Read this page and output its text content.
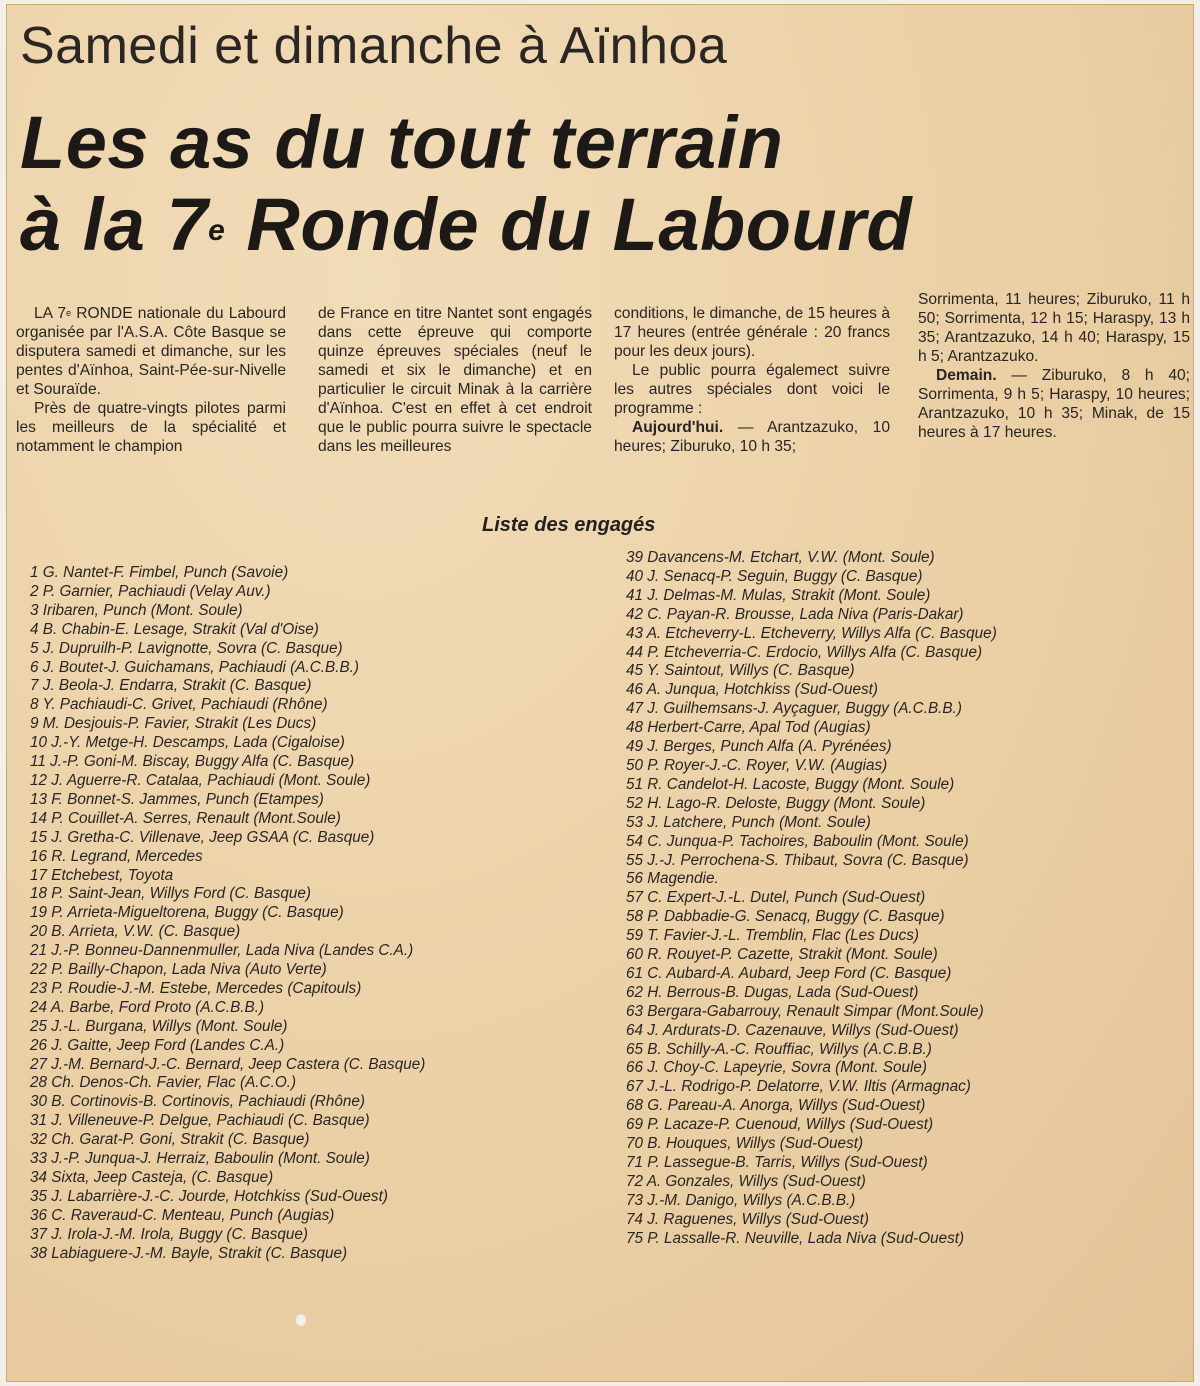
Samedi et dimanche à Aïnhoa
Les as du tout terrain
à la 7e Ronde du Labourd

LA 7e RONDE nationale du Labourd organisée par l'A.S.A. Côte Basque se disputera samedi et dimanche, sur les pentes d'Aïnhoa, Saint-Pée-sur-Nivelle et Souraïde.

Près de quatre-vingts pilotes parmi les meilleurs de la spécialité et notamment le champion

de France en titre Nantet sont engagés dans cette épreuve qui comporte quinze épreuves spéciales (neuf le samedi et six le dimanche) et en particulier le circuit Minak à la carrière d'Aïnhoa. C'est en effet à cet endroit que le public pourra suivre le spectacle dans les meilleures

conditions, le dimanche, de 15 heures à 17 heures (entrée générale : 20 francs pour les deux jours).

Le public pourra égalemect suivre les autres spéciales dont voici le programme :

Aujourd'hui. — Arantzazuko, 10 heures; Ziburuko, 10 h 35;

Sorrimenta, 11 heures; Ziburuko, 11 h 50; Sorrimenta, 12 h 15; Haraspy, 13 h 35; Arantzazuko, 14 h 40; Haraspy, 15 h 5; Arantzazuko.

Demain. — Ziburuko, 8 h 40; Sorrimenta, 9 h 5; Haraspy, 10 heures; Arantzazuko, 10 h 35; Minak, de 15 heures à 17 heures.

Liste des engagés
1 G. Nantet-F. Fimbel, Punch (Savoie)
2 P. Garnier, Pachiaudi (Velay Auv.)
3 Iribaren, Punch (Mont. Soule)
4 B. Chabin-E. Lesage, Strakit (Val d'Oise)
5 J. Dupruilh-P. Lavignotte, Sovra (C. Basque)
6 J. Boutet-J. Guichamans, Pachiaudi (A.C.B.B.)
7 J. Beola-J. Endarra, Strakit (C. Basque)
8 Y. Pachiaudi-C. Grivet, Pachiaudi (Rhône)
9 M. Desjouis-P. Favier, Strakit (Les Ducs)
10 J.-Y. Metge-H. Descamps, Lada (Cigaloise)
11 J.-P. Goni-M. Biscay, Buggy Alfa (C. Basque)
12 J. Aguerre-R. Catalaa, Pachiaudi (Mont. Soule)
13 F. Bonnet-S. Jammes, Punch (Etampes)
14 P. Couillet-A. Serres, Renault (Mont.Soule)
15 J. Gretha-C. Villenave, Jeep GSAA (C. Basque)
16 R. Legrand, Mercedes
17 Etchebest, Toyota
18 P. Saint-Jean, Willys Ford (C. Basque)
19 P. Arrieta-Migueltorena, Buggy (C. Basque)
20 B. Arrieta, V.W. (C. Basque)
21 J.-P. Bonneu-Dannenmuller, Lada Niva (Landes C.A.)
22 P. Bailly-Chapon, Lada Niva (Auto Verte)
23 P. Roudie-J.-M. Estebe, Mercedes (Capitouls)
24 A. Barbe, Ford Proto (A.C.B.B.)
25 J.-L. Burgana, Willys (Mont. Soule)
26 J. Gaitte, Jeep Ford (Landes C.A.)
27 J.-M. Bernard-J.-C. Bernard, Jeep Castera (C. Basque)
28 Ch. Denos-Ch. Favier, Flac (A.C.O.)
30 B. Cortinovis-B. Cortinovis, Pachiaudi (Rhône)
31 J. Villeneuve-P. Delgue, Pachiaudi (C. Basque)
32 Ch. Garat-P. Goni, Strakit (C. Basque)
33 J.-P. Junqua-J. Herraiz, Baboulin (Mont. Soule)
34 Sixta, Jeep Casteja, (C. Basque)
35 J. Labarrière-J.-C. Jourde, Hotchkiss (Sud-Ouest)
36 C. Raveraud-C. Menteau, Punch (Augias)
37 J. Irola-J.-M. Irola, Buggy (C. Basque)
38 Labiaguere-J.-M. Bayle, Strakit (C. Basque)
39 Davancens-M. Etchart, V.W. (Mont. Soule)
40 J. Senacq-P. Seguin, Buggy (C. Basque)
41 J. Delmas-M. Mulas, Strakit (Mont. Soule)
42 C. Payan-R. Brousse, Lada Niva (Paris-Dakar)
43 A. Etcheverry-L. Etcheverry, Willys Alfa (C. Basque)
44 P. Etcheverria-C. Erdocio, Willys Alfa (C. Basque)
45 Y. Saintout, Willys (C. Basque)
46 A. Junqua, Hotchkiss (Sud-Ouest)
47 J. Guilhemsans-J. Ayçaguer, Buggy (A.C.B.B.)
48 Herbert-Carre, Apal Tod (Augias)
49 J. Berges, Punch Alfa (A. Pyrénées)
50 P. Royer-J.-C. Royer, V.W. (Augias)
51 R. Candelot-H. Lacoste, Buggy (Mont. Soule)
52 H. Lago-R. Deloste, Buggy (Mont. Soule)
53 J. Latchere, Punch (Mont. Soule)
54 C. Junqua-P. Tachoires, Baboulin (Mont. Soule)
55 J.-J. Perrochena-S. Thibaut, Sovra (C. Basque)
56 Magendie.
57 C. Expert-J.-L. Dutel, Punch (Sud-Ouest)
58 P. Dabbadie-G. Senacq, Buggy (C. Basque)
59 T. Favier-J.-L. Tremblin, Flac (Les Ducs)
60 R. Rouyet-P. Cazette, Strakit (Mont. Soule)
61 C. Aubard-A. Aubard, Jeep Ford (C. Basque)
62 H. Berrous-B. Dugas, Lada (Sud-Ouest)
63 Bergara-Gabarrouy, Renault Simpar (Mont.Soule)
64 J. Ardurats-D. Cazenauve, Willys (Sud-Ouest)
65 B. Schilly-A.-C. Rouffiac, Willys (A.C.B.B.)
66 J. Choy-C. Lapeyrie, Sovra (Mont. Soule)
67 J.-L. Rodrigo-P. Delatorre, V.W. Iltis (Armagnac)
68 G. Pareau-A. Anorga, Willys (Sud-Ouest)
69 P. Lacaze-P. Cuenoud, Willys (Sud-Ouest)
70 B. Houques, Willys (Sud-Ouest)
71 P. Lassegue-B. Tarris, Willys (Sud-Ouest)
72 A. Gonzales, Willys (Sud-Ouest)
73 J.-M. Danigo, Willys (A.C.B.B.)
74 J. Raguenes, Willys (Sud-Ouest)
75 P. Lassalle-R. Neuville, Lada Niva (Sud-Ouest)
